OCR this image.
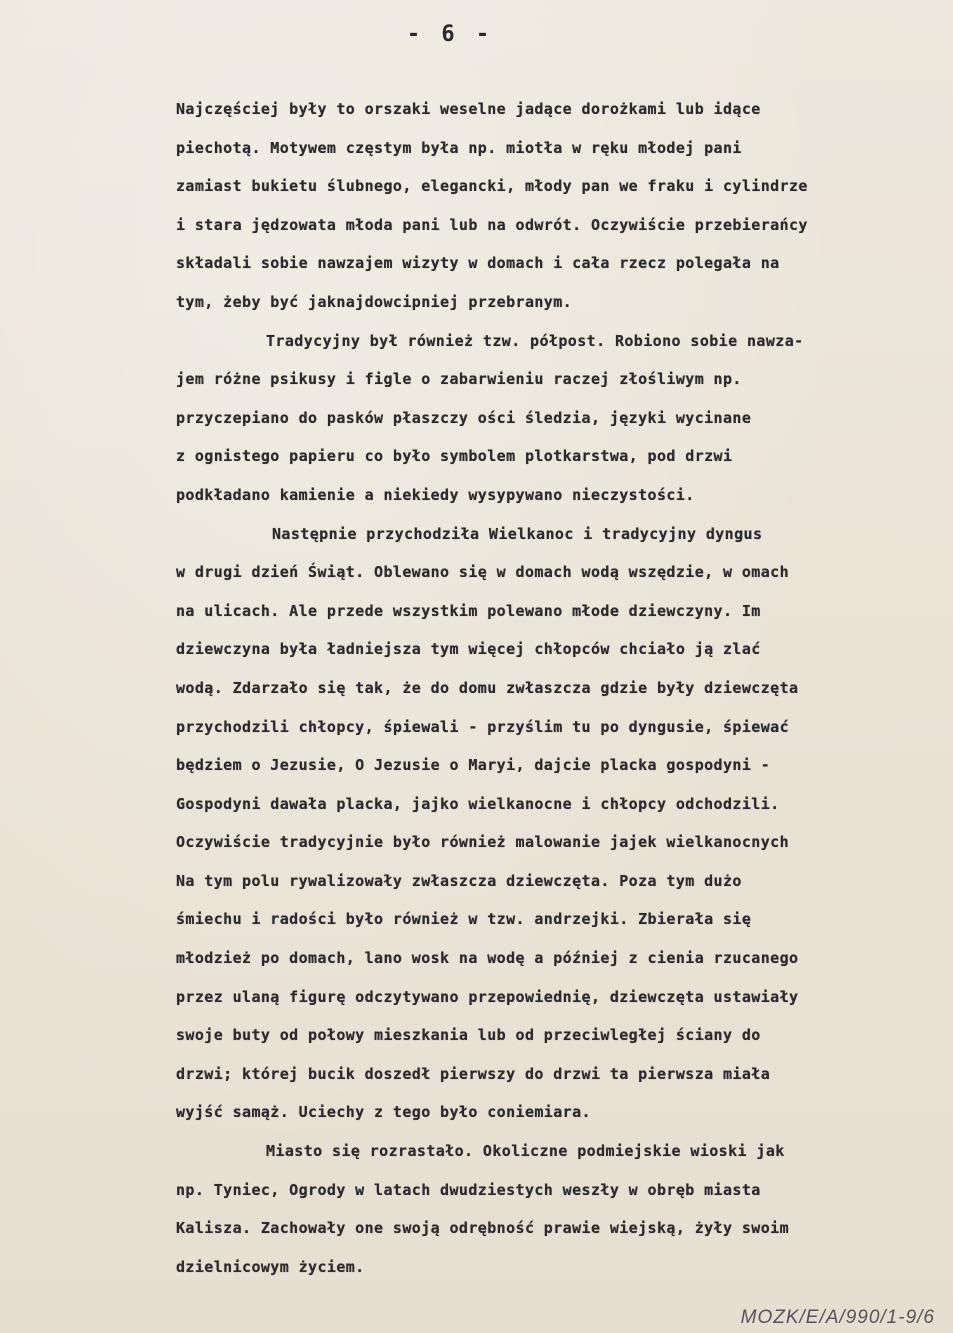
- 6 -
Najczęściej były to orszaki weselne jadące dorożkami lub idące
piechotą. Motywem częstym była np. miotła w ręku młodej pani
zamiast bukietu ślubnego, elegancki, młody pan we fraku i cylindrze
i stara jędzowata młoda pani lub na odwrót. Oczywiście przebierańcy
składali sobie nawzajem wizyty w domach i cała rzecz polegała na
tym, żeby być jaknajdowcipniej przebranym.
Tradycyjny był również tzw. półpost. Robiono sobie nawza-
jem różne psikusy i figle o zabarwieniu raczej złośliwym np.
przyczepiano do pasków płaszczy ości śledzia, języki wycinane
z ognistego papieru co było symbolem plotkarstwa, pod drzwi
podkładano kamienie a niekiedy wysypywano nieczystości.
Następnie przychodziła Wielkanoc i tradycyjny dyngus
w drugi dzień Świąt. Oblewano się w domach wodą wszędzie, w omach
na ulicach. Ale przede wszystkim polewano młode dziewczyny. Im
dziewczyna była ładniejsza tym więcej chłopców chciało ją zlać
wodą. Zdarzało się tak, że do domu zwłaszcza gdzie były dziewczęta
przychodzili chłopcy, śpiewali - przyślim tu po dyngusie, śpiewać
będziem o Jezusie, O Jezusie o Maryi, dajcie placka gospodyni -
Gospodyni dawała placka, jajko wielkanocne i chłopcy odchodzili.
Oczywiście tradycyjnie było również malowanie jajek wielkanocnych
Na tym polu rywalizowały zwłaszcza dziewczęta. Poza tym dużo
śmiechu i radości było również w tzw. andrzejki. Zbierała się
młodzież po domach, lano wosk na wodę a później z cienia rzucanego
przez ulaną figurę odczytywano przepowiednię, dziewczęta ustawiały
swoje buty od połowy mieszkania lub od przeciwległej ściany do
drzwi; której bucik doszedł pierwszy do drzwi ta pierwsza miała
wyjść samąż. Uciechy z tego było coniemiara.
Miasto się rozrastało. Okoliczne podmiejskie wioski jak
np. Tyniec, Ogrody w latach dwudziestych weszły w obręb miasta
Kalisza. Zachowały one swoją odrębność prawie wiejską, żyły swoim
dzielnicowym życiem.
MOZK/E/A/990/1-9/6
